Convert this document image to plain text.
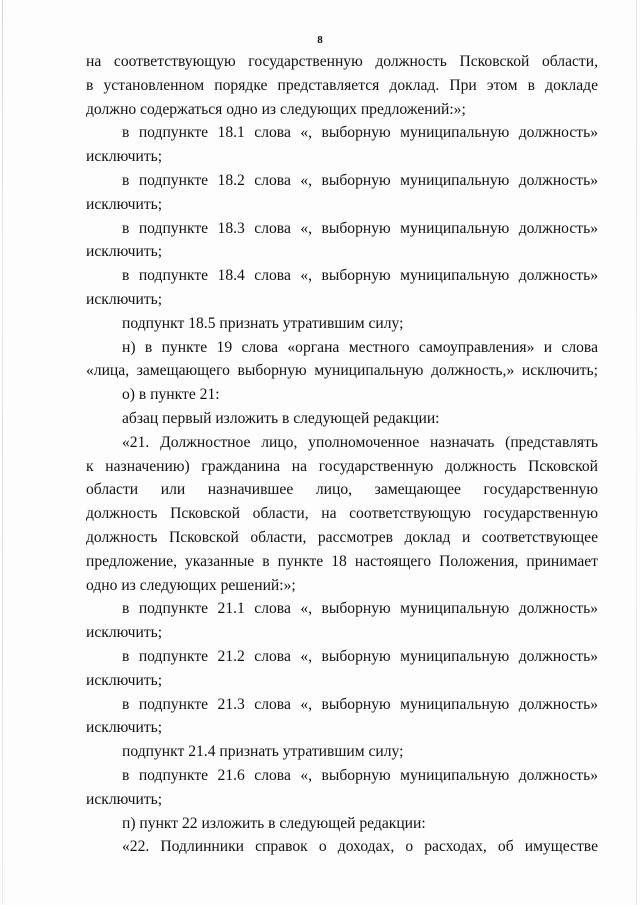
8
на соответствующую государственную должность Псковской области,
в установленном порядке представляется доклад. При этом в докладе
должно содержаться одно из следующих предложений:»;
в подпункте 18.1 слова «, выборную муниципальную должность»
исключить;
в подпункте 18.2 слова «, выборную муниципальную должность»
исключить;
в подпункте 18.3 слова «, выборную муниципальную должность»
исключить;
в подпункте 18.4 слова «, выборную муниципальную должность»
исключить;
подпункт 18.5 признать утратившим силу;
н) в пункте 19 слова «органа местного самоуправления» и слова
«лица, замещающего выборную муниципальную должность,» исключить;
о) в пункте 21:
абзац первый изложить в следующей редакции:
«21. Должностное лицо, уполномоченное назначать (представлять
к назначению) гражданина на государственную должность Псковской
области или назначившее лицо, замещающее государственную
должность Псковской области, на соответствующую государственную
должность Псковской области, рассмотрев доклад и соответствующее
предложение, указанные в пункте 18 настоящего Положения, принимает
одно из следующих решений:»;
в подпункте 21.1 слова «, выборную муниципальную должность»
исключить;
в подпункте 21.2 слова «, выборную муниципальную должность»
исключить;
в подпункте 21.3 слова «, выборную муниципальную должность»
исключить;
подпункт 21.4 признать утратившим силу;
в подпункте 21.6 слова «, выборную муниципальную должность»
исключить;
п) пункт 22 изложить в следующей редакции:
«22. Подлинники справок о доходах, о расходах, об имуществе
